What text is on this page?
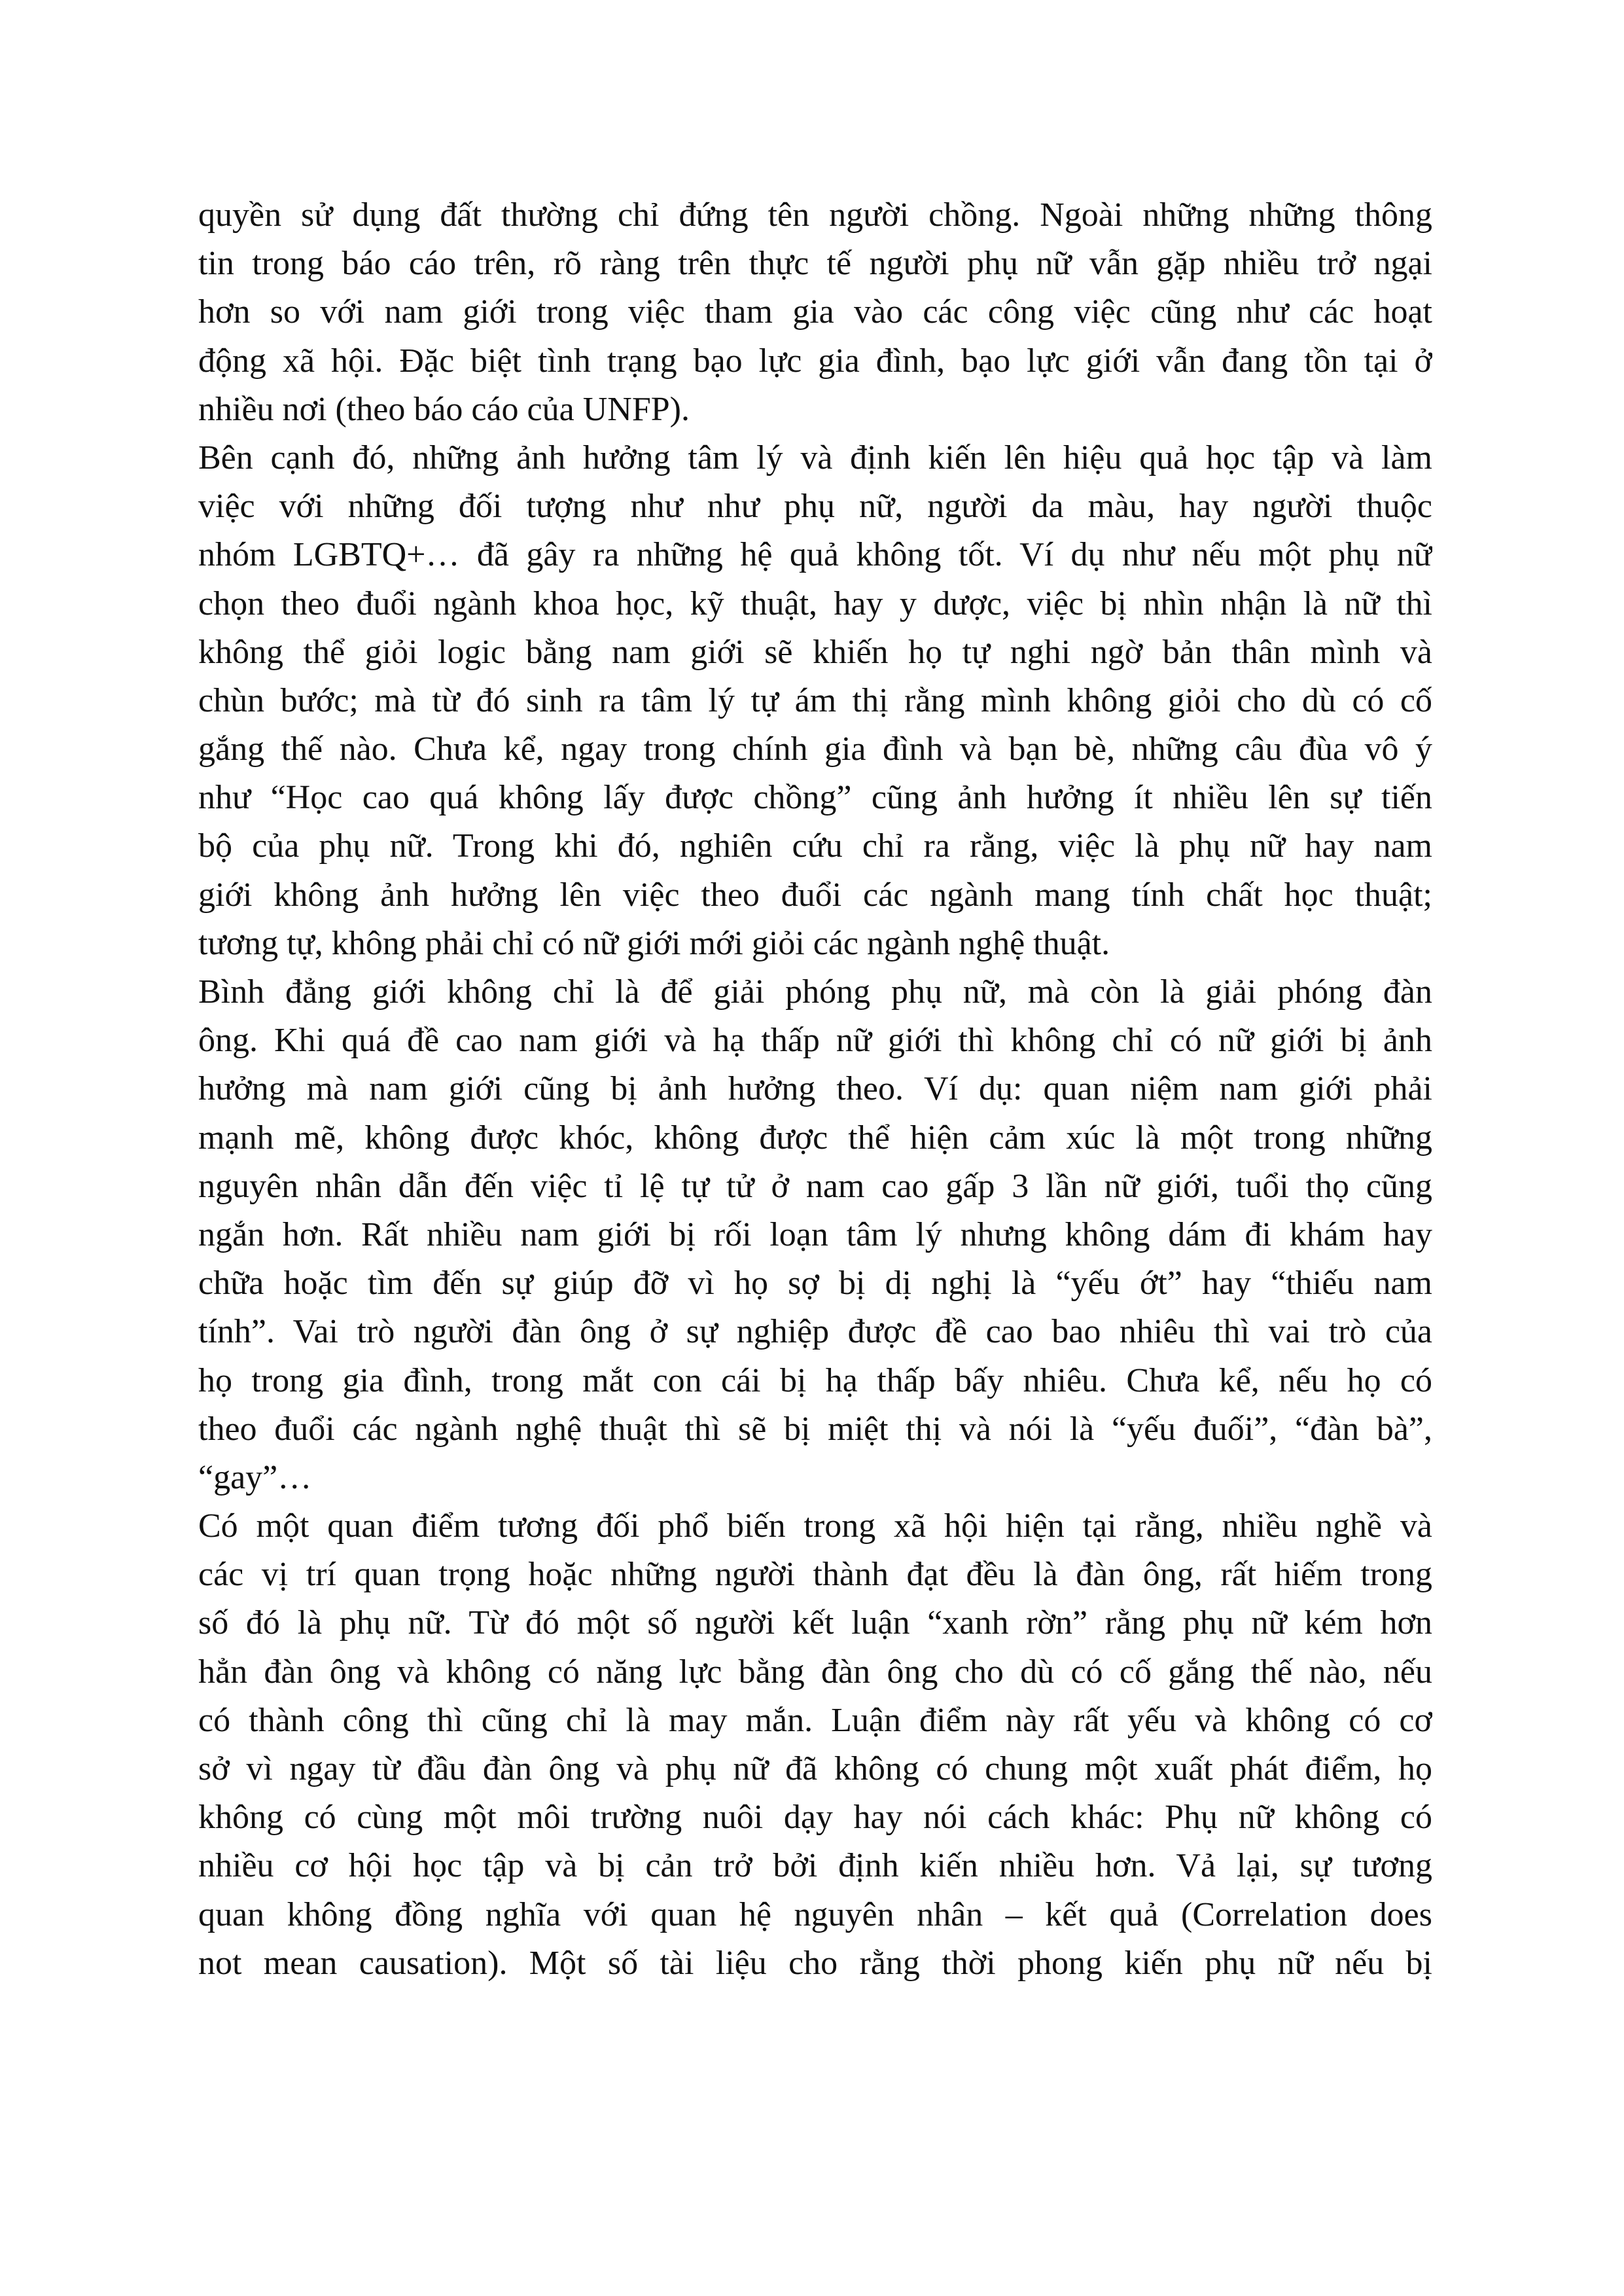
quyền sử dụng đất thường chỉ đứng tên người chồng. Ngoài những những thông
tin trong báo cáo trên, rõ ràng trên thực tế người phụ nữ vẫn gặp nhiều trở ngại
hơn so với nam giới trong việc tham gia vào các công việc cũng như các hoạt
động xã hội. Đặc biệt tình trạng bạo lực gia đình, bạo lực giới vẫn đang tồn tại ở
nhiều nơi (theo báo cáo của UNFP).
Bên cạnh đó, những ảnh hưởng tâm lý và định kiến lên hiệu quả học tập và làm
việc với những đối tượng như như phụ nữ, người da màu, hay người thuộc
nhóm LGBTQ+… đã gây ra những hệ quả không tốt. Ví dụ như nếu một phụ nữ
chọn theo đuổi ngành khoa học, kỹ thuật, hay y dược, việc bị nhìn nhận là nữ thì
không thể giỏi logic bằng nam giới sẽ khiến họ tự nghi ngờ bản thân mình và
chùn bước; mà từ đó sinh ra tâm lý tự ám thị rằng mình không giỏi cho dù có cố
gắng thế nào. Chưa kể, ngay trong chính gia đình và bạn bè, những câu đùa vô ý
như “Học cao quá không lấy được chồng” cũng ảnh hưởng ít nhiều lên sự tiến
bộ của phụ nữ. Trong khi đó, nghiên cứu chỉ ra rằng, việc là phụ nữ hay nam
giới không ảnh hưởng lên việc theo đuổi các ngành mang tính chất học thuật;
tương tự, không phải chỉ có nữ giới mới giỏi các ngành nghệ thuật.
Bình đẳng giới không chỉ là để giải phóng phụ nữ, mà còn là giải phóng đàn
ông. Khi quá đề cao nam giới và hạ thấp nữ giới thì không chỉ có nữ giới bị ảnh
hưởng mà nam giới cũng bị ảnh hưởng theo. Ví dụ: quan niệm nam giới phải
mạnh mẽ, không được khóc, không được thể hiện cảm xúc là một trong những
nguyên nhân dẫn đến việc tỉ lệ tự tử ở nam cao gấp 3 lần nữ giới, tuổi thọ cũng
ngắn hơn. Rất nhiều nam giới bị rối loạn tâm lý nhưng không dám đi khám hay
chữa hoặc tìm đến sự giúp đỡ vì họ sợ bị dị nghị là “yếu ớt” hay “thiếu nam
tính”. Vai trò người đàn ông ở sự nghiệp được đề cao bao nhiêu thì vai trò của
họ trong gia đình, trong mắt con cái bị hạ thấp bấy nhiêu. Chưa kể, nếu họ có
theo đuổi các ngành nghệ thuật thì sẽ bị miệt thị và nói là “yếu đuối”, “đàn bà”,
“gay”…
Có một quan điểm tương đối phổ biến trong xã hội hiện tại rằng, nhiều nghề và
các vị trí quan trọng hoặc những người thành đạt đều là đàn ông, rất hiếm trong
số đó là phụ nữ. Từ đó một số người kết luận “xanh rờn” rằng phụ nữ kém hơn
hẳn đàn ông và không có năng lực bằng đàn ông cho dù có cố gắng thế nào, nếu
có thành công thì cũng chỉ là may mắn. Luận điểm này rất yếu và không có cơ
sở vì ngay từ đầu đàn ông và phụ nữ đã không có chung một xuất phát điểm, họ
không có cùng một môi trường nuôi dạy hay nói cách khác: Phụ nữ không có
nhiều cơ hội học tập và bị cản trở bởi định kiến nhiều hơn. Vả lại, sự tương
quan không đồng nghĩa với quan hệ nguyên nhân – kết quả (Correlation does
not mean causation). Một số tài liệu cho rằng thời phong kiến phụ nữ nếu bị
